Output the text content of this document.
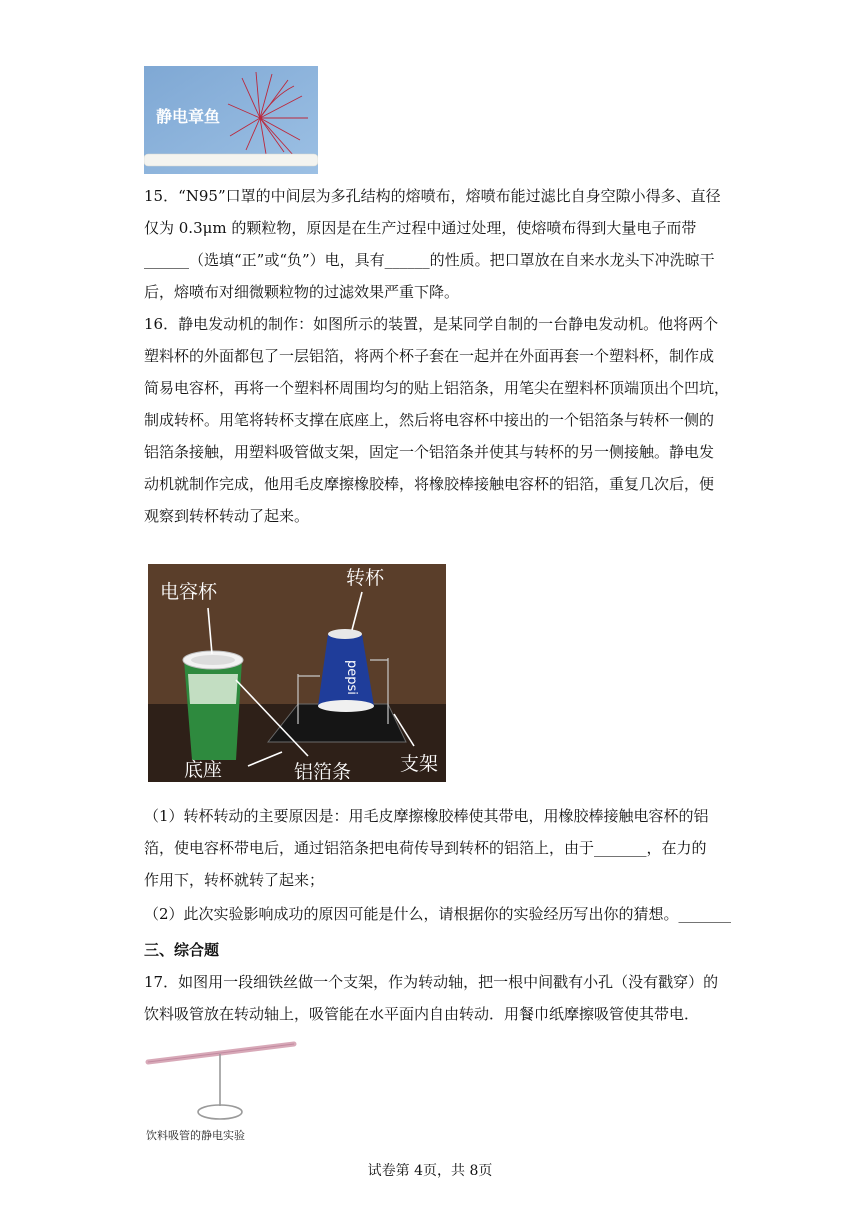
静电章鱼
15．“N95”口罩的中间层为多孔结构的熔喷布，熔喷布能过滤比自身空隙小得多、直径
仅为 0.3μm 的颗粒物，原因是在生产过程中通过处理，使熔喷布得到大量电子而带
______（选填“正”或“负”）电，具有______的性质。把口罩放在自来水龙头下冲洗晾干
后，熔喷布对细微颗粒物的过滤效果严重下降。
16．静电发动机的制作：如图所示的装置，是某同学自制的一台静电发动机。他将两个
塑料杯的外面都包了一层铝箔，将两个杯子套在一起并在外面再套一个塑料杯，制作成
简易电容杯，再将一个塑料杯周围均匀的贴上铝箔条，用笔尖在塑料杯顶端顶出个凹坑，
制成转杯。用笔将转杯支撑在底座上，然后将电容杯中接出的一个铝箔条与转杯一侧的
铝箔条接触，用塑料吸管做支架，固定一个铝箔条并使其与转杯的另一侧接触。静电发
动机就制作完成，他用毛皮摩擦橡胶棒，将橡胶棒接触电容杯的铝箔，重复几次后，便
观察到转杯转动了起来。
pepsi
电容杯
转杯
底座	铝箔条	支架
（1）转杯转动的主要原因是：用毛皮摩擦橡胶棒使其带电，用橡胶棒接触电容杯的铝
箔，使电容杯带电后，通过铝箔条把电荷传导到转杯的铝箔上，由于_______，在力的
作用下，转杯就转了起来；
（2）此次实验影响成功的原因可能是什么，请根据你的实验经历写出你的猜想。_______
三、综合题
17．如图用一段细铁丝做一个支架，作为转动轴，把一根中间戳有小孔（没有戳穿）的
饮料吸管放在转动轴上，吸管能在水平面内自由转动．用餐巾纸摩擦吸管使其带电．
饮料吸管的静电实验
试卷第 4页，共 8页
